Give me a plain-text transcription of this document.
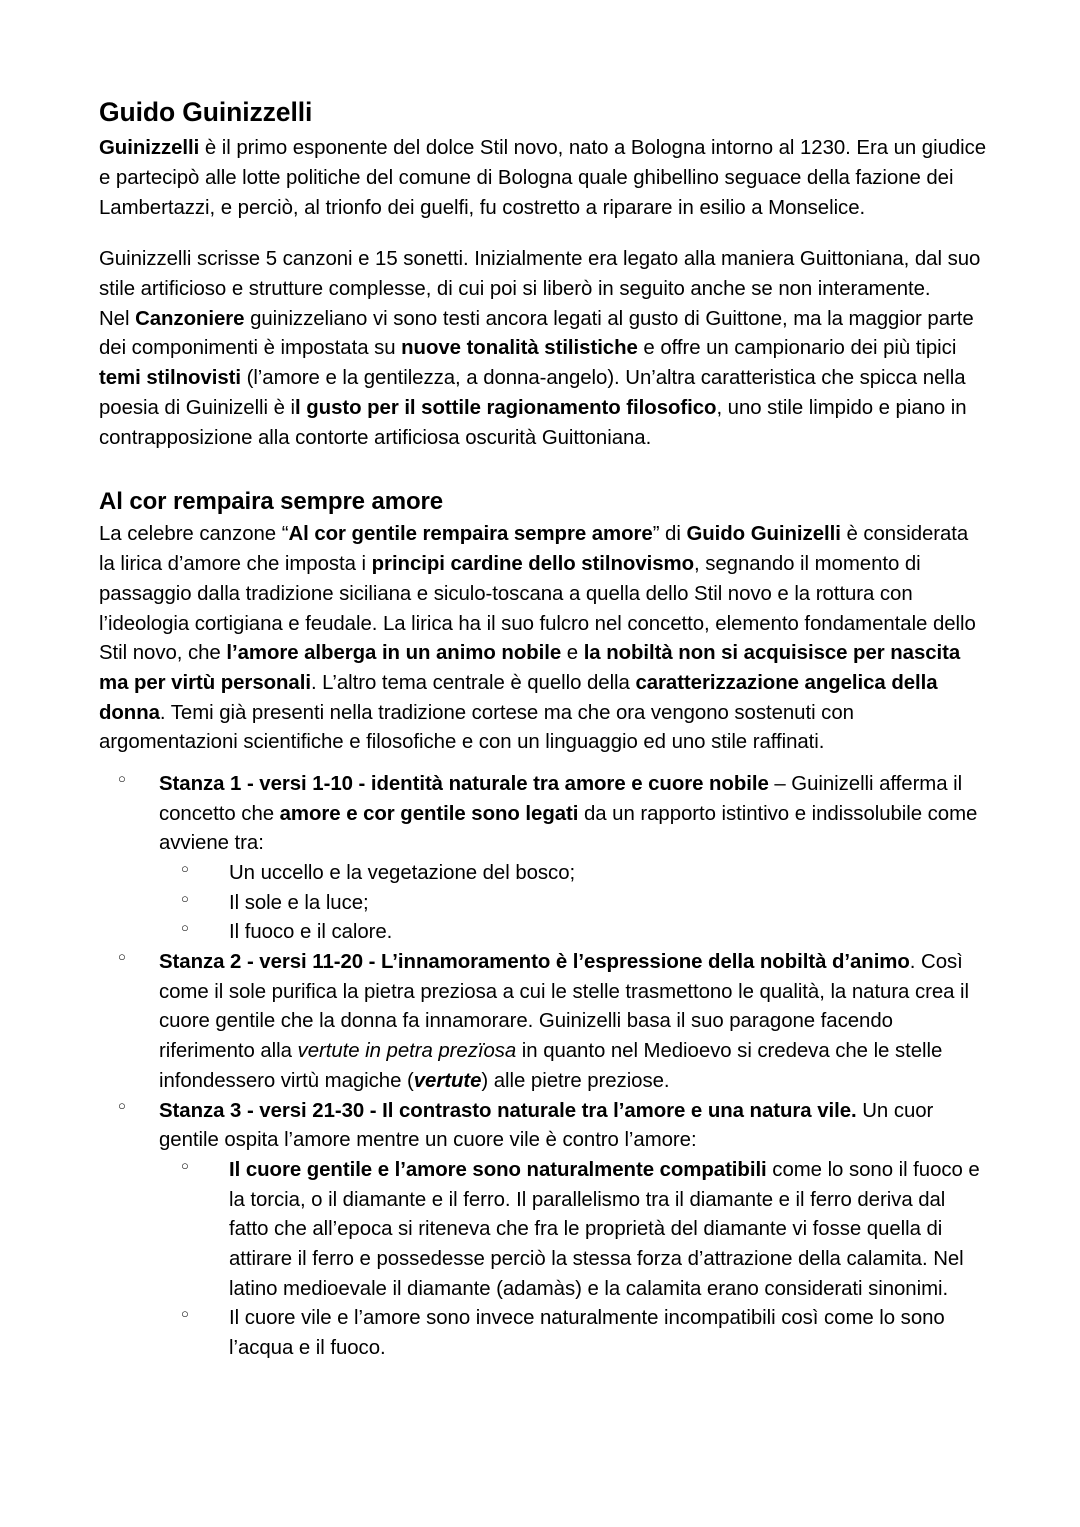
Guido Guinizzelli

Guinizzelli è il primo esponente del dolce Stil novo, nato a Bologna intorno al 1230. Era un giudice e partecipò alle lotte politiche del comune di Bologna quale ghibellino seguace della fazione dei Lambertazzi, e perciò, al trionfo dei guelfi, fu costretto a riparare in esilio a Monselice.

Guinizzelli scrisse 5 canzoni e 15 sonetti. Inizialmente era legato alla maniera Guittoniana, dal suo stile artificioso e strutture complesse, di cui poi si liberò in seguito anche se non interamente.

Nel Canzoniere guinizzeliano vi sono testi ancora legati al gusto di Guittone, ma la maggior parte dei componimenti è impostata su nuove tonalità stilistiche e offre un campionario dei più tipici temi stilnovisti (l’amore e la gentilezza, a donna-angelo). Un’altra caratteristica che spicca nella poesia di Guinizelli è il gusto per il sottile ragionamento filosofico, uno stile limpido e piano in contrapposizione alla contorte artificiosa oscurità Guittoniana.

Al cor rempaira sempre amore

La celebre canzone “Al cor gentile rempaira sempre amore” di Guido Guinizelli è considerata la lirica d’amore che imposta i principi cardine dello stilnovismo, segnando il momento di passaggio dalla tradizione siciliana e siculo-toscana a quella dello Stil novo e la rottura con l’ideologia cortigiana e feudale. La lirica ha il suo fulcro nel concetto, elemento fondamentale dello Stil novo, che l’amore alberga in un animo nobile e la nobiltà non si acquisisce per nascita ma per virtù personali. L’altro tema centrale è quello della caratterizzazione angelica della donna. Temi già presenti nella tradizione cortese ma che ora vengono sostenuti con argomentazioni scientifiche e filosofiche e con un linguaggio ed uno stile raffinati.

○
Stanza 1 - versi 1-10 - identità naturale tra amore e cuore nobile – Guinizelli afferma il concetto che amore e cor gentile sono legati da un rapporto istintivo e indissolubile come avviene tra:
○
Un uccello e la vegetazione del bosco;
○
Il sole e la luce;
○
Il fuoco e il calore.
○
Stanza 2 - versi 11-20 - L’innamoramento è l’espressione della nobiltà d’animo. Così come il sole purifica la pietra preziosa a cui le stelle trasmettono le qualità, la natura crea il cuore gentile che la donna fa innamorare. Guinizelli basa il suo paragone facendo riferimento alla vertute in petra prezïosa in quanto nel Medioevo si credeva che le stelle infondessero virtù magiche (vertute) alle pietre preziose.
○
Stanza 3 - versi 21-30 - Il contrasto naturale tra l’amore e una natura vile. Un cuor gentile ospita l’amore mentre un cuore vile è contro l’amore:
○
Il cuore gentile e l’amore sono naturalmente compatibili come lo sono il fuoco e la torcia, o il diamante e il ferro. Il parallelismo tra il diamante e il ferro deriva dal fatto che all’epoca si riteneva che fra le proprietà del diamante vi fosse quella di attirare il ferro e possedesse perciò la stessa forza d’attrazione della calamita. Nel latino medioevale il diamante (adamàs) e la calamita erano considerati sinonimi.
○
Il cuore vile e l’amore sono invece naturalmente incompatibili così come lo sono l’acqua e il fuoco.
